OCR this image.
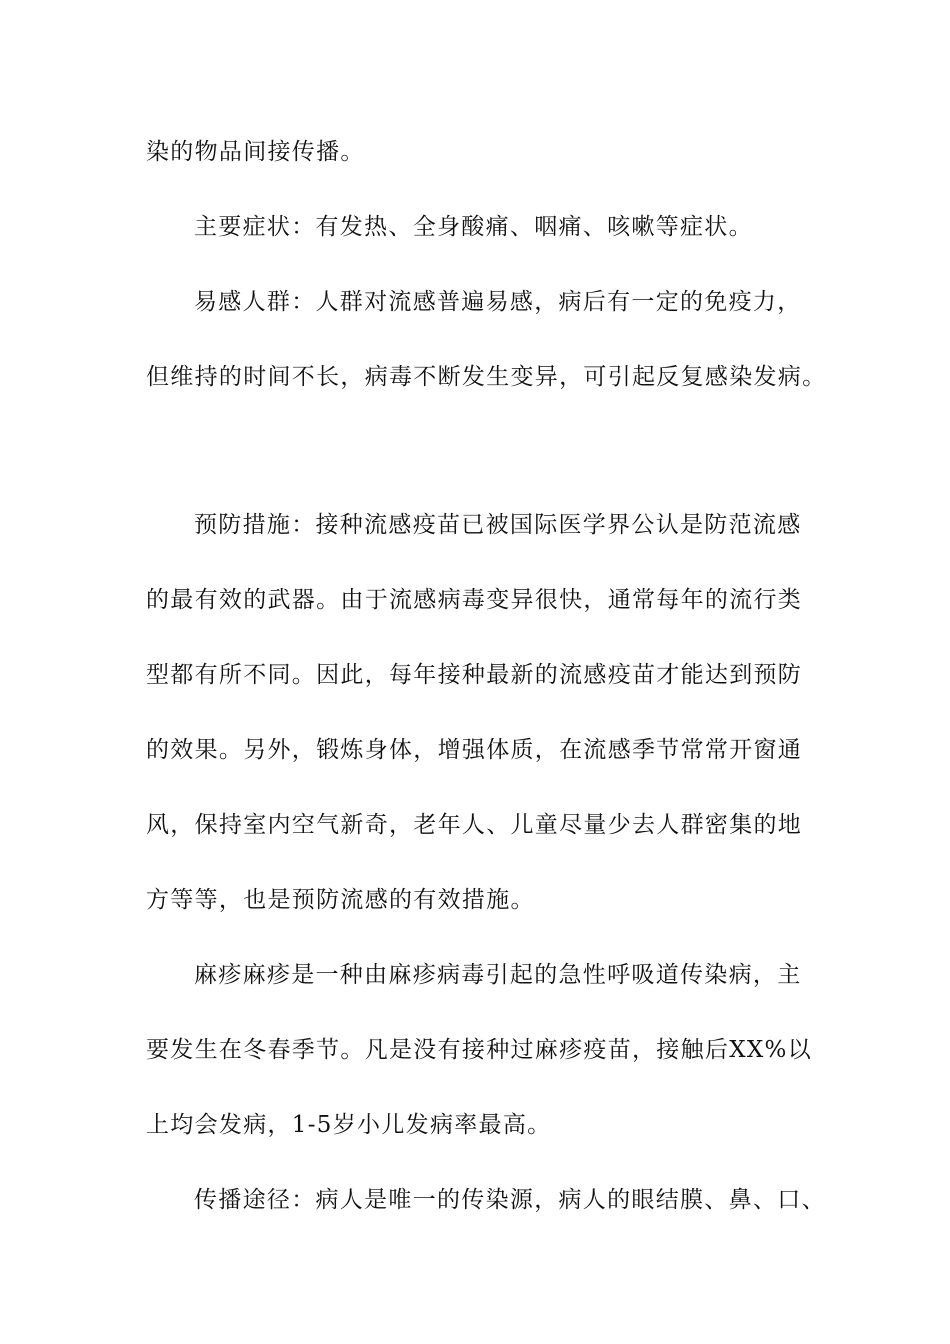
染的物品间接传播。
主要症状：有发热、全身酸痛、咽痛、咳嗽等症状。
易感人群：人群对流感普遍易感，病后有一定的免疫力，
但维持的时间不长，病毒不断发生变异，可引起反复感染发病。
预防措施：接种流感疫苗已被国际医学界公认是防范流感
的最有效的武器。由于流感病毒变异很快，通常每年的流行类
型都有所不同。因此，每年接种最新的流感疫苗才能达到预防
的效果。另外，锻炼身体，增强体质，在流感季节常常开窗通
风，保持室内空气新奇，老年人、儿童尽量少去人群密集的地
方等等，也是预防流感的有效措施。
麻疹麻疹是一种由麻疹病毒引起的急性呼吸道传染病，主
要发生在冬春季节。凡是没有接种过麻疹疫苗，接触后XX%以
上均会发病，1-5岁小儿发病率最高。
传播途径：病人是唯一的传染源，病人的眼结膜、鼻、口、
